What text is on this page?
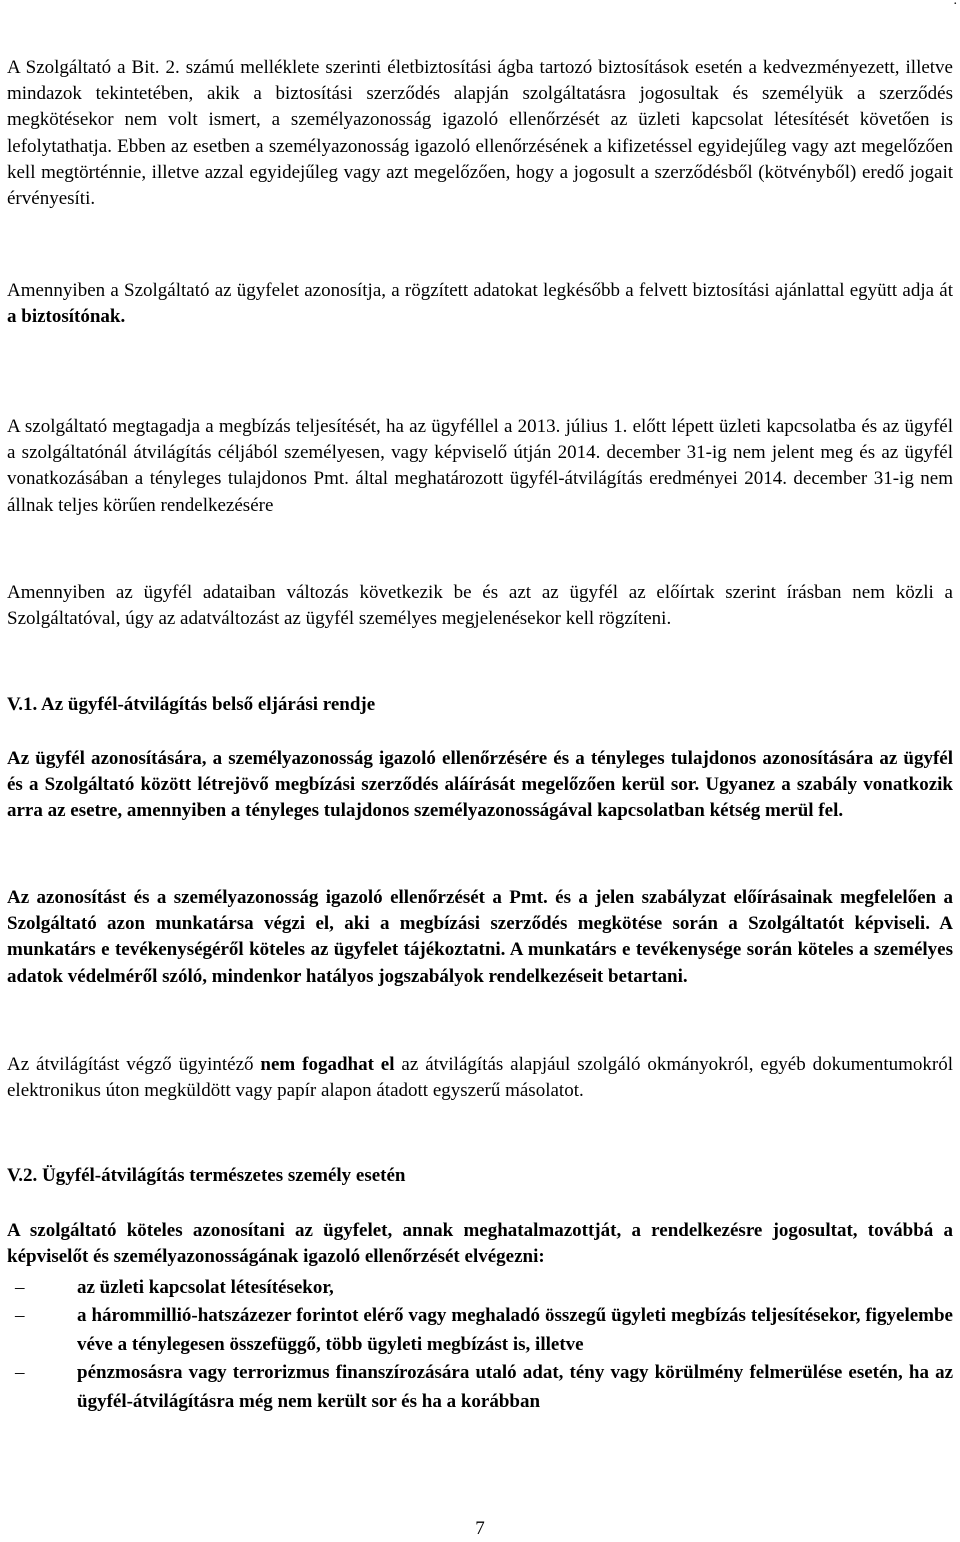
.

A Szolgáltató a Bit. 2. számú melléklete szerinti életbiztosítási ágba tartozó biztosítások esetén a kedvezményezett, illetve mindazok tekintetében, akik a biztosítási szerződés alapján szolgáltatásra jogosultak és személyük a szerződés megkötésekor nem volt ismert, a személyazonosság igazoló ellenőrzését az üzleti kapcsolat létesítését követően is lefolytathatja. Ebben az esetben a személyazonosság igazoló ellenőrzésének a kifizetéssel egyidejűleg vagy azt megelőzően kell megtörténnie, illetve azzal egyidejűleg vagy azt megelőzően, hogy a jogosult a szerződésből (kötvényből) eredő jogait érvényesíti.

Amennyiben a Szolgáltató az ügyfelet azonosítja, a rögzített adatokat legkésőbb a felvett biztosítási ajánlattal együtt adja át a biztosítónak.

A szolgáltató megtagadja a megbízás teljesítését, ha az ügyféllel a 2013. július 1. előtt lépett üzleti kapcsolatba és az ügyfél a szolgáltatónál átvilágítás céljából személyesen, vagy képviselő útján 2014. december 31-ig nem jelent meg és az ügyfél vonatkozásában a tényleges tulajdonos Pmt. által meghatározott ügyfél-átvilágítás eredményei 2014. december 31-ig nem állnak teljes körűen rendelkezésére

Amennyiben az ügyfél adataiban változás következik be és azt az ügyfél az előírtak szerint írásban nem közli a Szolgáltatóval, úgy az adatváltozást az ügyfél személyes megjelenésekor kell rögzíteni.

V.1. Az ügyfél-átvilágítás belső eljárási rendje

Az ügyfél azonosítására, a személyazonosság igazoló ellenőrzésére és a tényleges tulajdonos azonosítására az ügyfél és a Szolgáltató között létrejövő megbízási szerződés aláírását megelőzően kerül sor. Ugyanez a szabály vonatkozik arra az esetre, amennyiben a tényleges tulajdonos személyazonosságával kapcsolatban kétség merül fel.

Az azonosítást és a személyazonosság igazoló ellenőrzését a Pmt. és a jelen szabályzat előírásainak megfelelően a Szolgáltató azon munkatársa végzi el, aki a megbízási szerződés megkötése során a Szolgáltatót képviseli. A munkatárs e tevékenységéről köteles az ügyfelet tájékoztatni. A munkatárs e tevékenysége során köteles a személyes adatok védelméről szóló, mindenkor hatályos jogszabályok rendelkezéseit betartani.

Az átvilágítást végző ügyintéző nem fogadhat el az átvilágítás alapjául szolgáló okmányokról, egyéb dokumentumokról elektronikus úton megküldött vagy papír alapon átadott egyszerű másolatot.

V.2. Ügyfél-átvilágítás természetes személy esetén

A szolgáltató köteles azonosítani az ügyfelet, annak meghatalmazottját, a rendelkezésre jogosultat, továbbá a képviselőt és személyazonosságának igazoló ellenőrzését elvégezni:

–	az üzleti kapcsolat létesítésekor,
–	a hárommillió-hatszázezer forintot elérő vagy meghaladó összegű ügyleti megbízás teljesítésekor, figyelembe véve a ténylegesen összefüggő, több ügyleti megbízást is, illetve
–	pénzmosásra vagy terrorizmus finanszírozására utaló adat, tény vagy körülmény felmerülése esetén, ha az ügyfél-átvilágításra még nem került sor és ha a korábban
7
